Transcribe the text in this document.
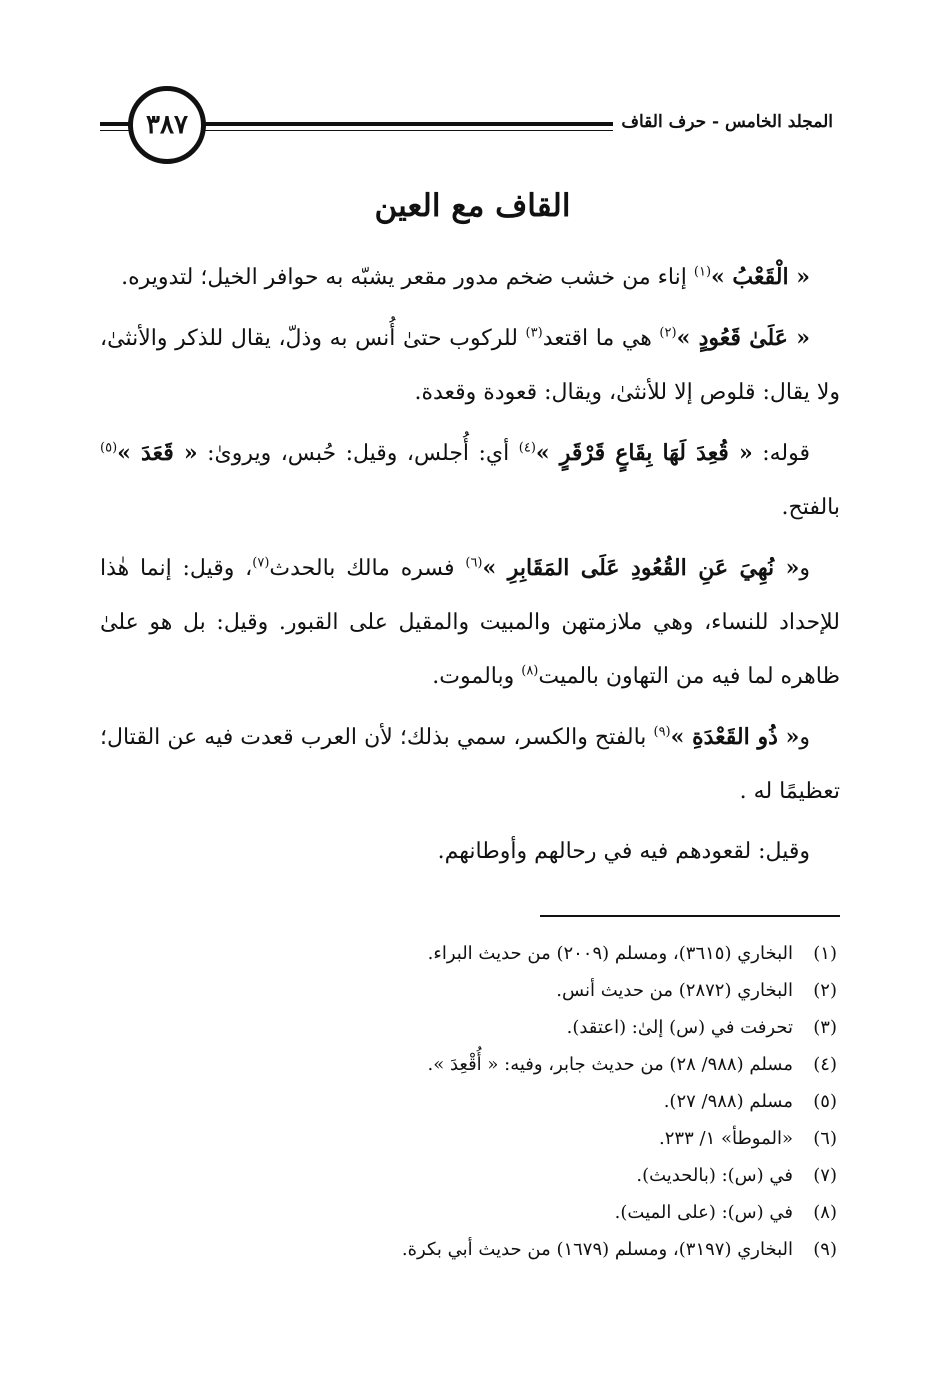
٣٨٧	المجلد الخامس - حرف القاف
القاف مع العين

« الْقَعْبُ »$^{(١)}$ إناء من خشب ضخم مدور مقعر يشبّه به حوافر الخيل؛ لتدويره.

« عَلَىٰ قَعُودٍ »$^{(٢)}$ هي ما اقتعد$^{(٣)}$ للركوب حتىٰ أُنس به وذلّ، يقال للذكر والأنثىٰ، ولا يقال: قلوص إلا للأنثىٰ، ويقال: قعودة وقعدة.

قوله: « قُعِدَ لَهَا بِقَاعٍ قَرْقَرٍ »$^{(٤)}$ أي: أُجلس، وقيل: حُبس، ويروىٰ: « قَعَدَ »$^{(٥)}$ بالفتح.

و« نُهِيَ عَنِ القُعُودِ عَلَى المَقَابِرِ »$^{(٦)}$ فسره مالك بالحدث$^{(٧)}$، وقيل: إنما هٰذا للإحداد للنساء، وهي ملازمتهن والمبيت والمقيل على القبور. وقيل: بل هو علىٰ ظاهره لما فيه من التهاون بالميت$^{(٨)}$ وبالموت.

و« ذُو القَعْدَةِ »$^{(٩)}$ بالفتح والكسر، سمي بذلك؛ لأن العرب قعدت فيه عن القتال؛ تعظيمًا له .

وقيل: لقعودهم فيه في رحالهم وأوطانهم.

(١)
البخاري (٣٦١٥)، ومسلم (٢٠٠٩) من حديث البراء.
(٢)
البخاري (٢٨٧٢) من حديث أنس.
(٣)
تحرفت في (س) إلىٰ: (اعتقد).
(٤)
مسلم (٩٨٨/ ٢٨) من حديث جابر، وفيه: « أُقْعِدَ ».
(٥)
مسلم (٩٨٨/ ٢٧).
(٦)
«الموطأ» ١/ ٢٣٣.
(٧)
في (س): (بالحديث).
(٨)
في (س): (على الميت).
(٩)
البخاري (٣١٩٧)، ومسلم (١٦٧٩) من حديث أبي بكرة.
